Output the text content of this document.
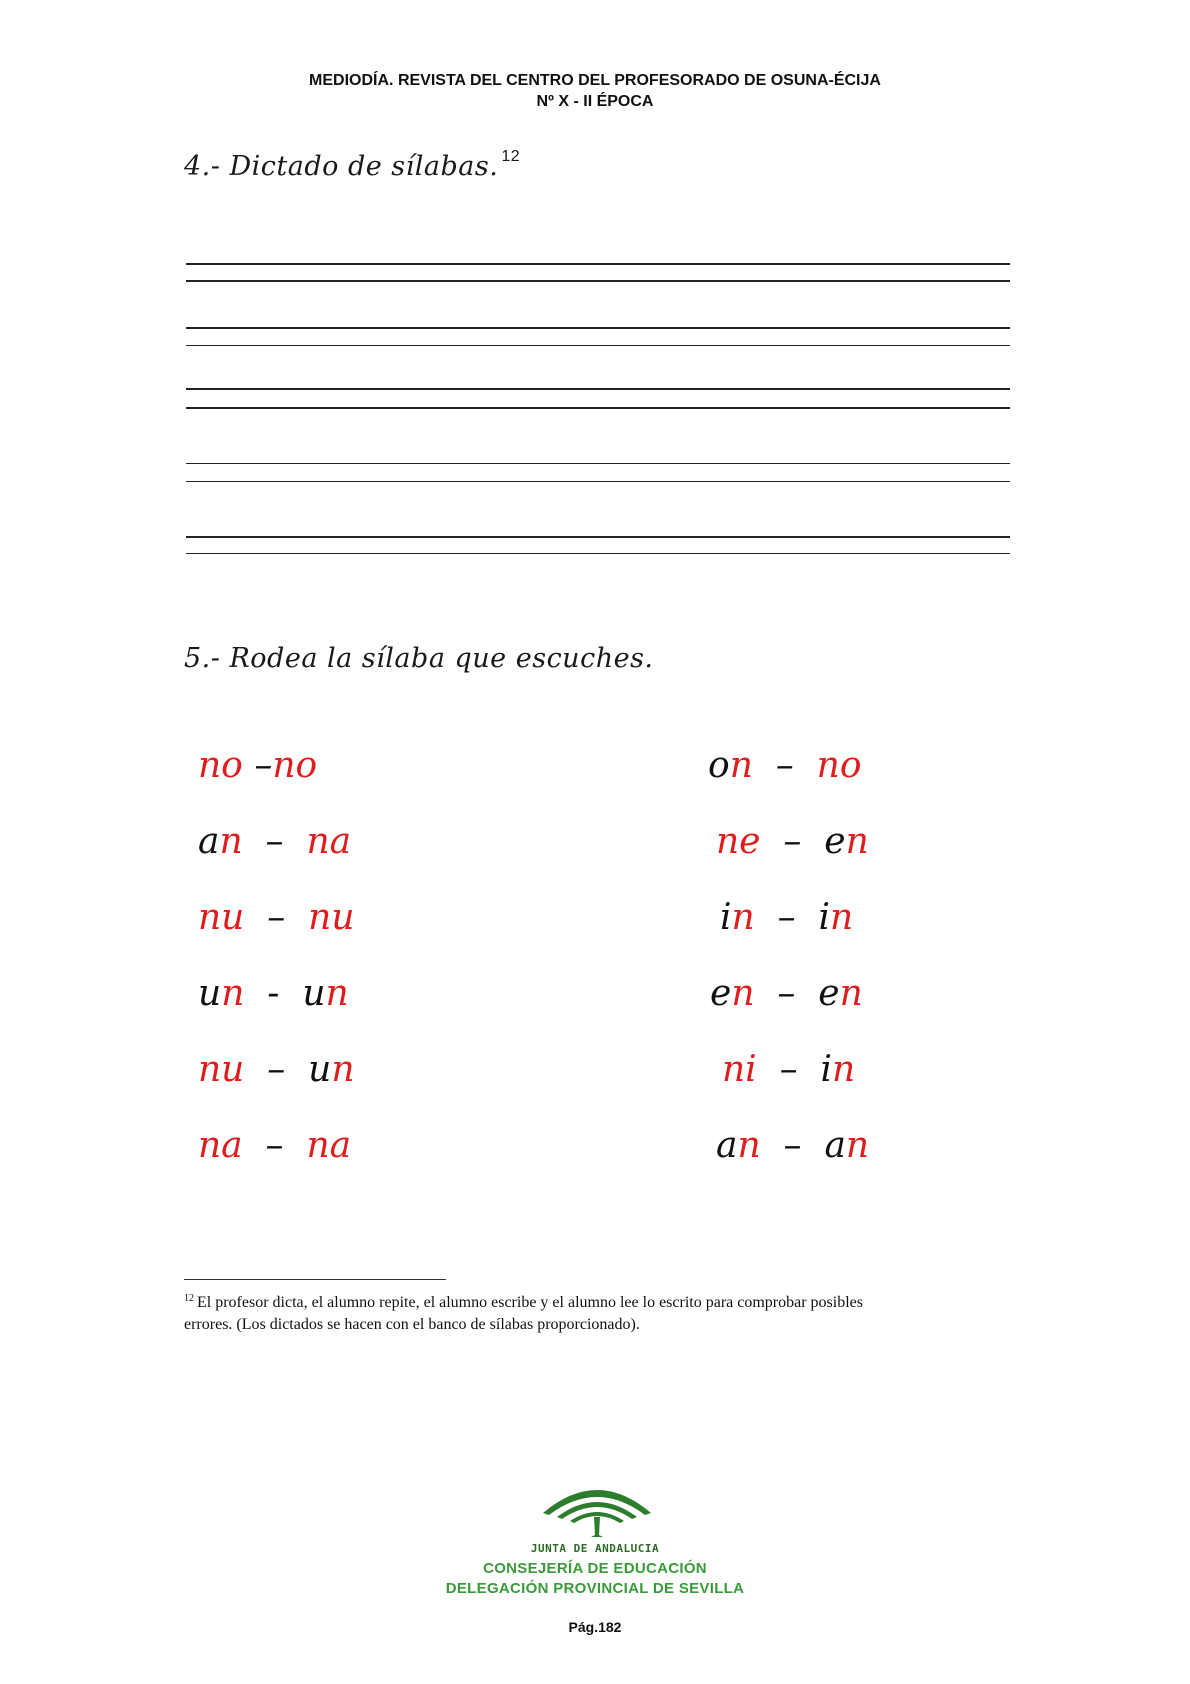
MEDIODÍA. REVISTA DEL CENTRO DEL PROFESORADO DE OSUNA-ÉCIJA
Nº X - II ÉPOCA
4.- Dictado de sílabas. $^{12}$
5.- Rodea la sílaba que escuches.
no –no
an – na
nu – nu
un - un
nu – un
na – na
on – no
ne – en
in – in
en – en
ni – in
an – an
$^{12}$ El profesor dicta, el alumno repite, el alumno escribe y el alumno lee lo escrito para comprobar posibles errores. (Los dictados se hacen con el banco de sílabas proporcionado).
JUNTA DE ANDALUCIA
CONSEJERÍA DE EDUCACIÓN
DELEGACIÓN PROVINCIAL DE SEVILLA
Pág.182
